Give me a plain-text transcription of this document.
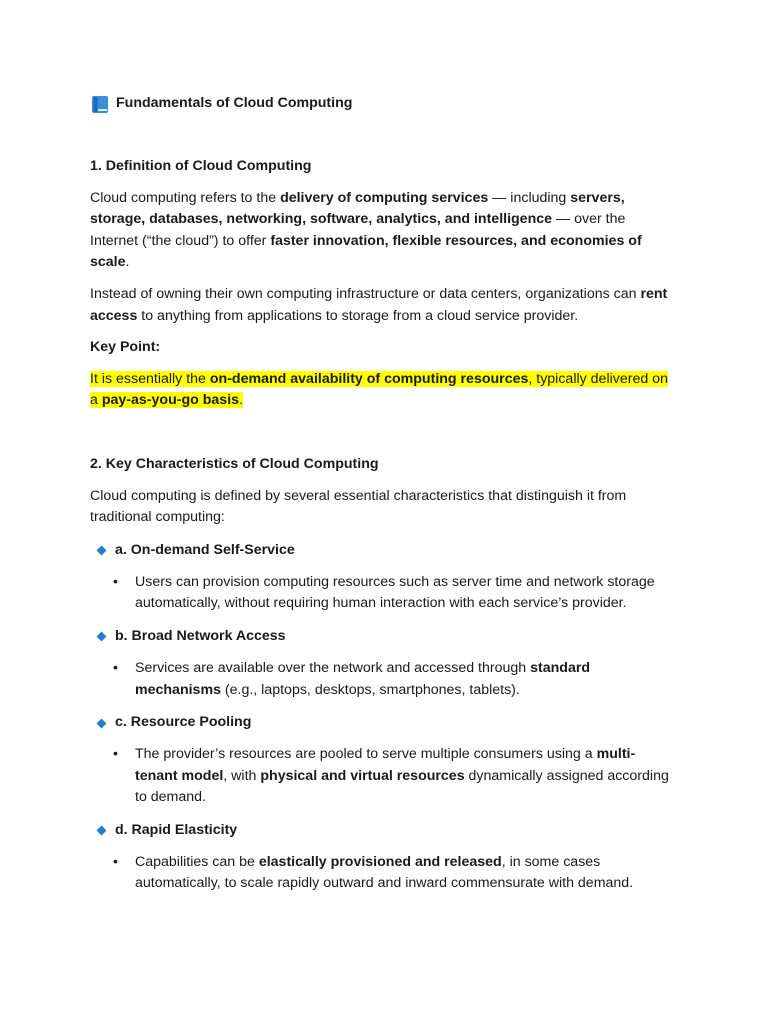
Fundamentals of Cloud Computing
1. Definition of Cloud Computing

Cloud computing refers to the delivery of computing services — including servers, storage, databases, networking, software, analytics, and intelligence — over the Internet (“the cloud”) to offer faster innovation, flexible resources, and economies of scale.

Instead of owning their own computing infrastructure or data centers, organizations can rent access to anything from applications to storage from a cloud service provider.

Key Point:

It is essentially the on-demand availability of computing resources, typically delivered on a pay-as-you-go basis.

2. Key Characteristics of Cloud Computing

Cloud computing is defined by several essential characteristics that distinguish it from traditional computing:

a. On-demand Self-Service
•	Users can provision computing resources such as server time and network storage automatically, without requiring human interaction with each service’s provider.
b. Broad Network Access
•	Services are available over the network and accessed through standard mechanisms (e.g., laptops, desktops, smartphones, tablets).
c. Resource Pooling
•	The provider’s resources are pooled to serve multiple consumers using a multi-tenant model, with physical and virtual resources dynamically assigned according to demand.
d. Rapid Elasticity
•	Capabilities can be elastically provisioned and released, in some cases automatically, to scale rapidly outward and inward commensurate with demand.
